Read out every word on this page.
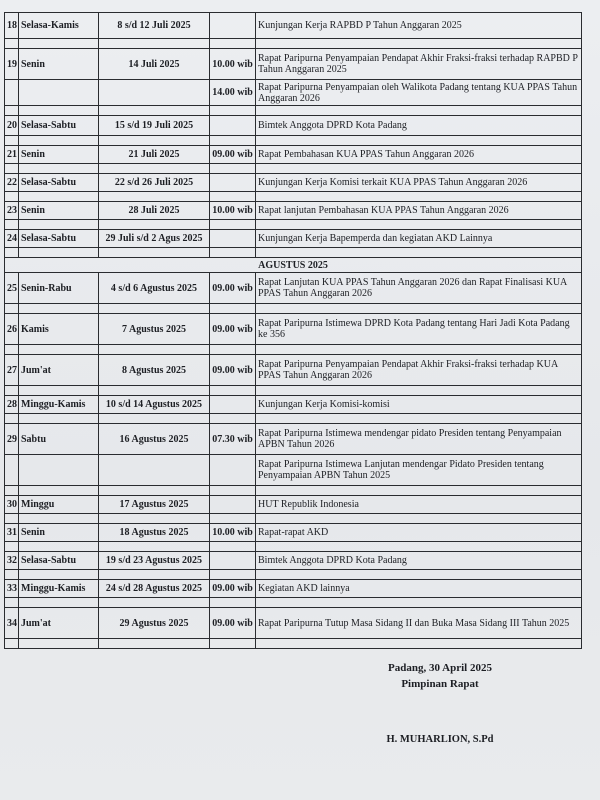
18	Selasa-Kamis	8 s/d 12 Juli 2025		Kunjungan Kerja RAPBD P Tahun Anggaran 2025

19	Senin	14 Juli 2025	10.00 wib	Rapat Paripurna Penyampaian Pendapat Akhir Fraksi-fraksi terhadap RAPBD P Tahun Anggaran 2025
			14.00 wib	Rapat Paripurna Penyampaian oleh Walikota Padang tentang KUA PPAS Tahun Anggaran 2026

20	Selasa-Sabtu	15 s/d 19 Juli 2025		Bimtek Anggota DPRD Kota Padang

21	Senin	21 Juli 2025	09.00 wib	Rapat Pembahasan KUA PPAS Tahun Anggaran 2026

22	Selasa-Sabtu	22 s/d 26 Juli 2025		Kunjungan Kerja Komisi terkait KUA PPAS Tahun Anggaran 2026

23	Senin	28 Juli 2025	10.00 wib	Rapat lanjutan Pembahasan KUA PPAS Tahun Anggaran 2026

24	Selasa-Sabtu	29 Juli s/d 2 Agus 2025		Kunjungan Kerja Bapemperda dan kegiatan AKD Lainnya

AGUSTUS 2025				
25	Senin-Rabu	4 s/d 6 Agustus 2025	09.00 wib	Rapat Lanjutan KUA PPAS Tahun Anggaran 2026 dan Rapat Finalisasi KUA PPAS Tahun Anggaran 2026

26	Kamis	7 Agustus 2025	09.00 wib	Rapat Paripurna Istimewa DPRD Kota Padang tentang Hari Jadi Kota Padang ke 356

27	Jum'at	8 Agustus 2025	09.00 wib	Rapat Paripurna Penyampaian Pendapat Akhir Fraksi-fraksi terhadap KUA PPAS Tahun Anggaran 2026

28	Minggu-Kamis	10 s/d 14 Agustus 2025		Kunjungan Kerja Komisi-komisi

29	Sabtu	16 Agustus 2025	07.30 wib	Rapat Paripurna Istimewa mendengar pidato Presiden tentang Penyampaian APBN Tahun 2026
				Rapat Paripurna Istimewa Lanjutan mendengar Pidato Presiden tentang Penyampaian APBN Tahun 2025

30	Minggu	17 Agustus 2025		HUT Republik Indonesia

31	Senin	18 Agustus 2025	10.00 wib	Rapat-rapat AKD

32	Selasa-Sabtu	19 s/d 23 Agustus 2025		Bimtek Anggota DPRD Kota Padang

33	Minggu-Kamis	24 s/d 28 Agustus 2025	09.00 wib	Kegiatan AKD lainnya

34	Jum'at	29 Agustus 2025	09.00 wib	Rapat Paripurna Tutup Masa Sidang II dan Buka Masa Sidang III Tahun 2025

Padang, 30 April 2025
Pimpinan Rapat
H. MUHARLION, S.Pd
